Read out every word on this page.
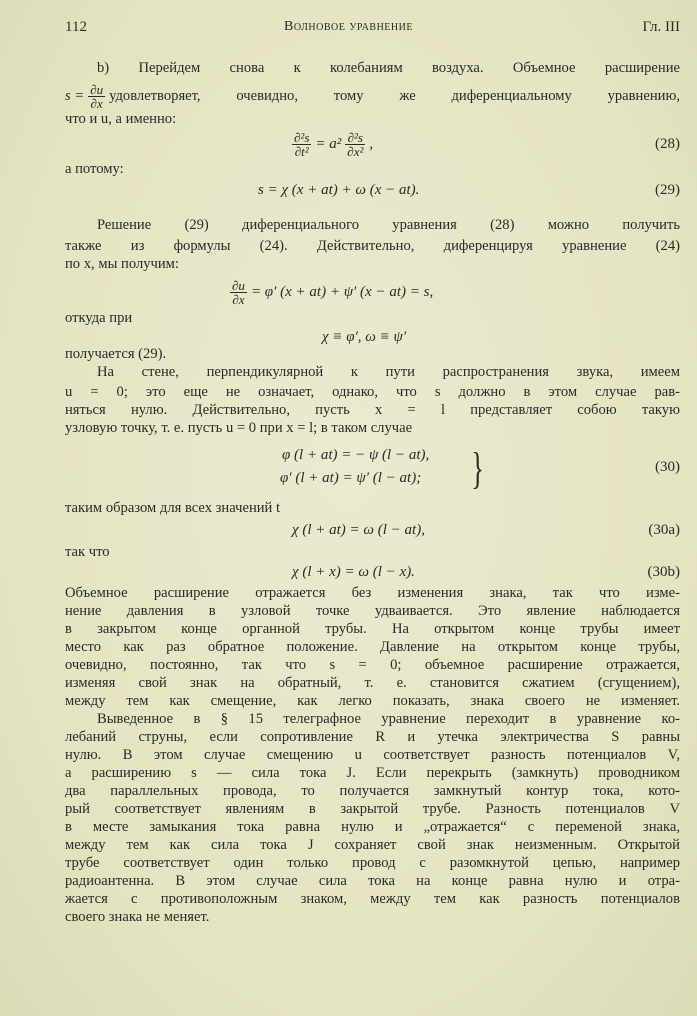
112	Волновое уравнение	Гл. III
b) Перейдем снова к колебаниям воздуха. Объемное расширение
$s = \frac{\partial u}{\partial x}$ удовлетворяет, очевидно, тому же диференциальному уравнению,
что и u, а именно:
$\frac{\text{∂²s}}{\text{∂t²}} = a^2 \frac{\text{∂²s}}{\text{∂x²}}$ ,	(28)
а потому:
s = χ (x + at) + ω (x − at).	(29)
Решение (29) диференциального уравнения (28) можно получить
также из формулы (24). Действительно, диференцируя уравнение (24)
по x, мы получим:
$\frac{\partial u}{\partial x} = \varphi'$ (x + at) + ψ′ (x − at) = s,
откуда при
χ ≡ φ′, ω ≡ ψ′
получается (29).
На стене, перпендикулярной к пути распространения звука, имеем
u = 0; это еще не означает, однако, что s должно в этом случае рав-
няться нулю. Действительно, пусть x = l представляет собою такую
узловую точку, т. е. пусть u = 0 при x = l; в таком случае
φ (l + at) = − ψ (l − at),
φ′ (l + at) = ψ′ (l − at); }	(30)
таким образом для всех значений t
χ (l + at) = ω (l − at),	(30a)
так что
χ (l + x) = ω (l − x).	(30b)
Объемное расширение отражается без изменения знака, так что изме-
нение давления в узловой точке удваивается. Это явление наблюдается
в закрытом конце органной трубы. На открытом конце трубы имеет
место как раз обратное положение. Давление на открытом конце трубы,
очевидно, постоянно, так что s = 0; объемное расширение отражается,
изменяя свой знак на обратный, т. е. становится сжатием (сгущением),
между тем как смещение, как легко показать, знака своего не изменяет.
Выведенное в § 15 телеграфное уравнение переходит в уравнение ко-
лебаний струны, если сопротивление R и утечка электричества S равны
нулю. В этом случае смещению u соответствует разность потенциалов V,
а расширению s — сила тока J. Если перекрыть (замкнуть) проводником
два параллельных провода, то получается замкнутый контур тока, кото-
рый соответствует явлениям в закрытой трубе. Разность потенциалов V
в месте замыкания тока равна нулю и „отражается“ с переменой знака,
между тем как сила тока J сохраняет свой знак неизменным. Открытой
трубе соответствует один только провод с разомкнутой цепью, например
радиоантенна. В этом случае сила тока на конце равна нулю и отра-
жается с противоположным знаком, между тем как разность потенциалов
своего знака не меняет.
